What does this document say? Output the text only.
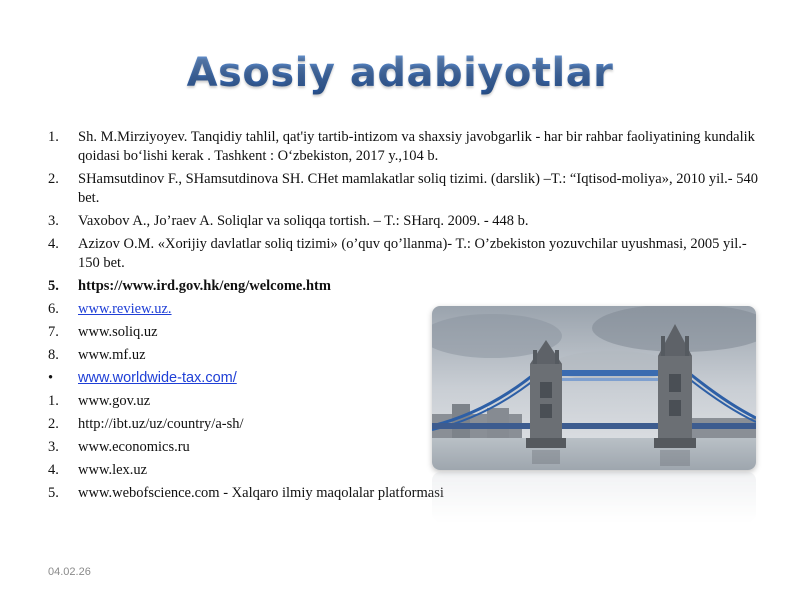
Asosiy adabiyotlar
1. Sh. M.Mirziyoyev. Tanqidiy tahlil, qat'iy tartib-intizom va shaxsiy javobgarlik - har bir rahbar faoliyatining kundalik qoidasi bo‘lishi kerak . Tashkent : O‘zbekiston, 2017 y.,104 b.
2. SHamsutdinov F., SHamsutdinova SH. CHet mamlakatlar soliq tizimi. (darslik) –T.: “Iqtisod-moliya», 2010 yil.- 540 bet.
3. Vaxobov A., Jo’raev A. Soliqlar va soliqqa tortish. – T.: SHarq. 2009. - 448 b.
4. Azizov O.M. «Xorijiy davlatlar soliq tizimi» (o’quv qo’llanma)- T.: O’zbekiston yozuvchilar uyushmasi, 2005 yil.- 150 bet.
5. https://www.ird.gov.hk/eng/welcome.htm
6. www.review.uz.
7. www.soliq.uz
8. www.mf.uz
• www.worldwide-tax.com/
1. www.gov.uz
2. http://ibt.uz/uz/country/a-sh/
3. www.economics.ru
4. www.lex.uz
5. www.webofscience.com - Xalqaro ilmiy maqolalar platformasi
04.02.26
